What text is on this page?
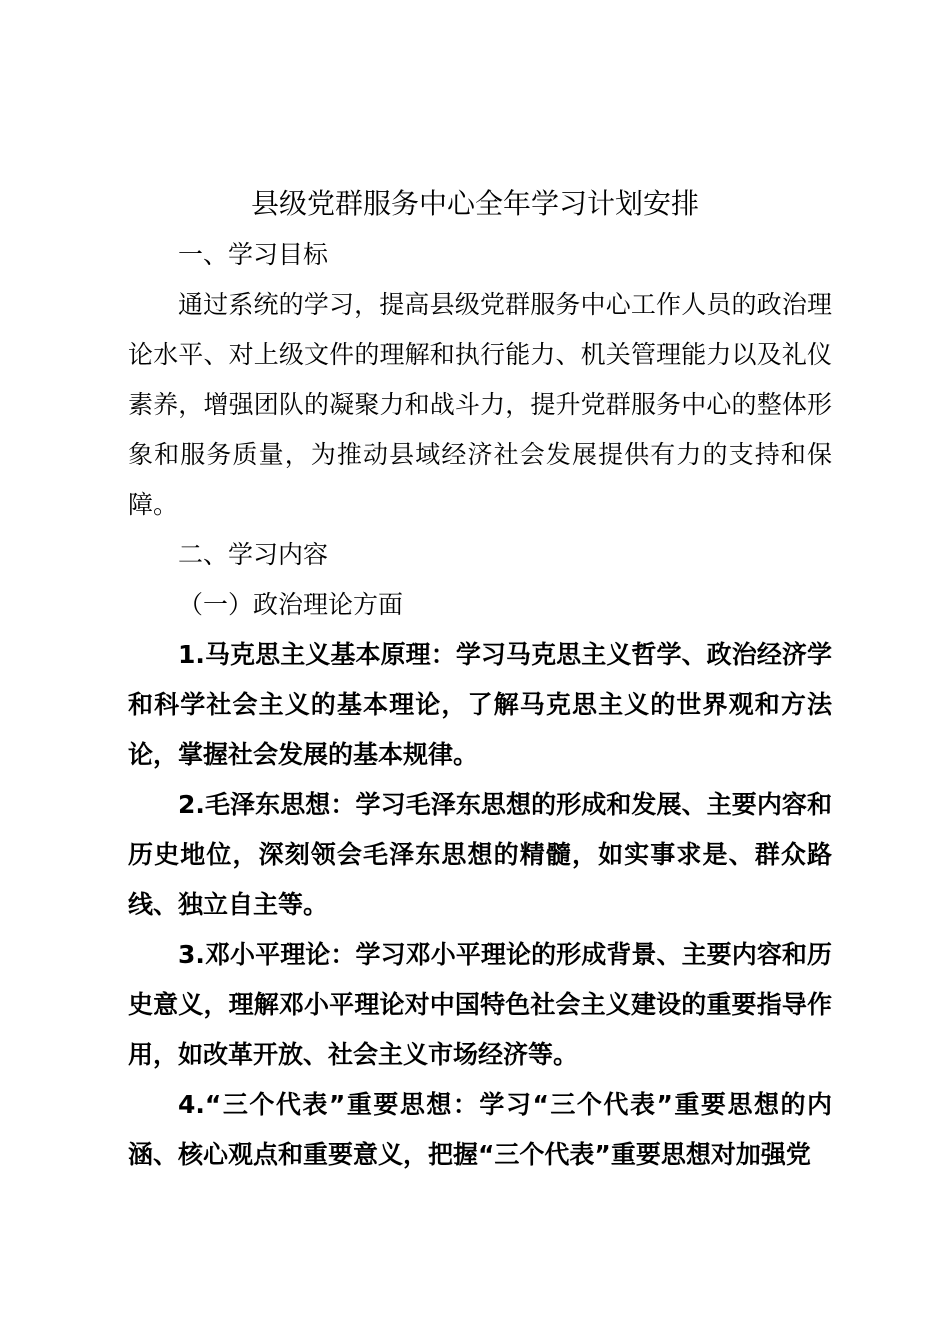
县级党群服务中心全年学习计划安排

一、学习目标

通过系统的学习，提高县级党群服务中心工作人员的政治理论水平、对上级文件的理解和执行能力、机关管理能力以及礼仪素养，增强团队的凝聚力和战斗力，提升党群服务中心的整体形象和服务质量，为推动县域经济社会发展提供有力的支持和保障。

二、学习内容

（一）政治理论方面

1.马克思主义基本原理：学习马克思主义哲学、政治经济学和科学社会主义的基本理论，了解马克思主义的世界观和方法论，掌握社会发展的基本规律。

2.毛泽东思想：学习毛泽东思想的形成和发展、主要内容和历史地位，深刻领会毛泽东思想的精髓，如实事求是、群众路线、独立自主等。

3.邓小平理论：学习邓小平理论的形成背景、主要内容和历史意义，理解邓小平理论对中国特色社会主义建设的重要指导作用，如改革开放、社会主义市场经济等。

4.“三个代表”重要思想：学习“三个代表”重要思想的内涵、核心观点和重要意义，把握“三个代表”重要思想对加强党
